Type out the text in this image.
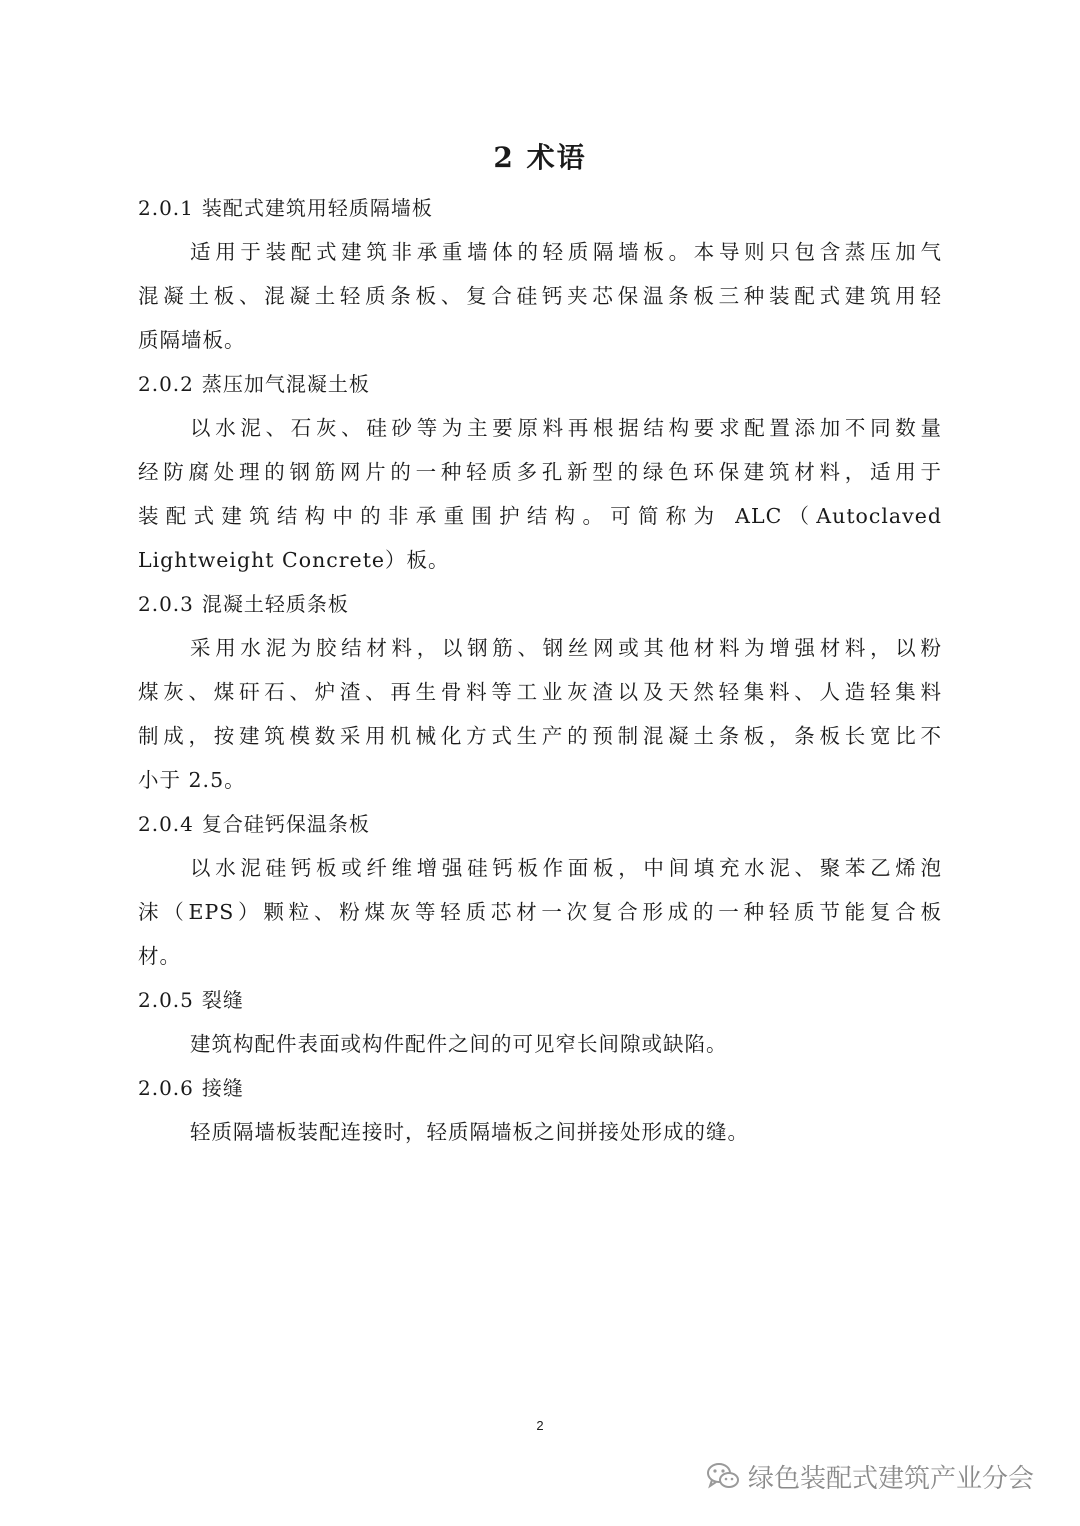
2 术语
2.0.1 装配式建筑用轻质隔墙板
适用于装配式建筑非承重墙体的轻质隔墙板。本导则只包含蒸压加气
混凝土板、混凝土轻质条板、复合硅钙夹芯保温条板三种装配式建筑用轻
质隔墙板。
2.0.2 蒸压加气混凝土板
以水泥、石灰、硅砂等为主要原料再根据结构要求配置添加不同数量
经防腐处理的钢筋网片的一种轻质多孔新型的绿色环保建筑材料，适用于
装配式建筑结构中的非承重围护结构。可简称为 ALC（Autoclaved
Lightweight Concrete）板。
2.0.3 混凝土轻质条板
采用水泥为胶结材料，以钢筋、钢丝网或其他材料为增强材料，以粉
煤灰、煤矸石、炉渣、再生骨料等工业灰渣以及天然轻集料、人造轻集料
制成，按建筑模数采用机械化方式生产的预制混凝土条板，条板长宽比不
小于 2.5。
2.0.4 复合硅钙保温条板
以水泥硅钙板或纤维增强硅钙板作面板，中间填充水泥、聚苯乙烯泡
沫（EPS）颗粒、粉煤灰等轻质芯材一次复合形成的一种轻质节能复合板
材。
2.0.5 裂缝
建筑构配件表面或构件配件之间的可见窄长间隙或缺陷。
2.0.6 接缝
轻质隔墙板装配连接时，轻质隔墙板之间拼接处形成的缝。
2
绿色装配式建筑产业分会
